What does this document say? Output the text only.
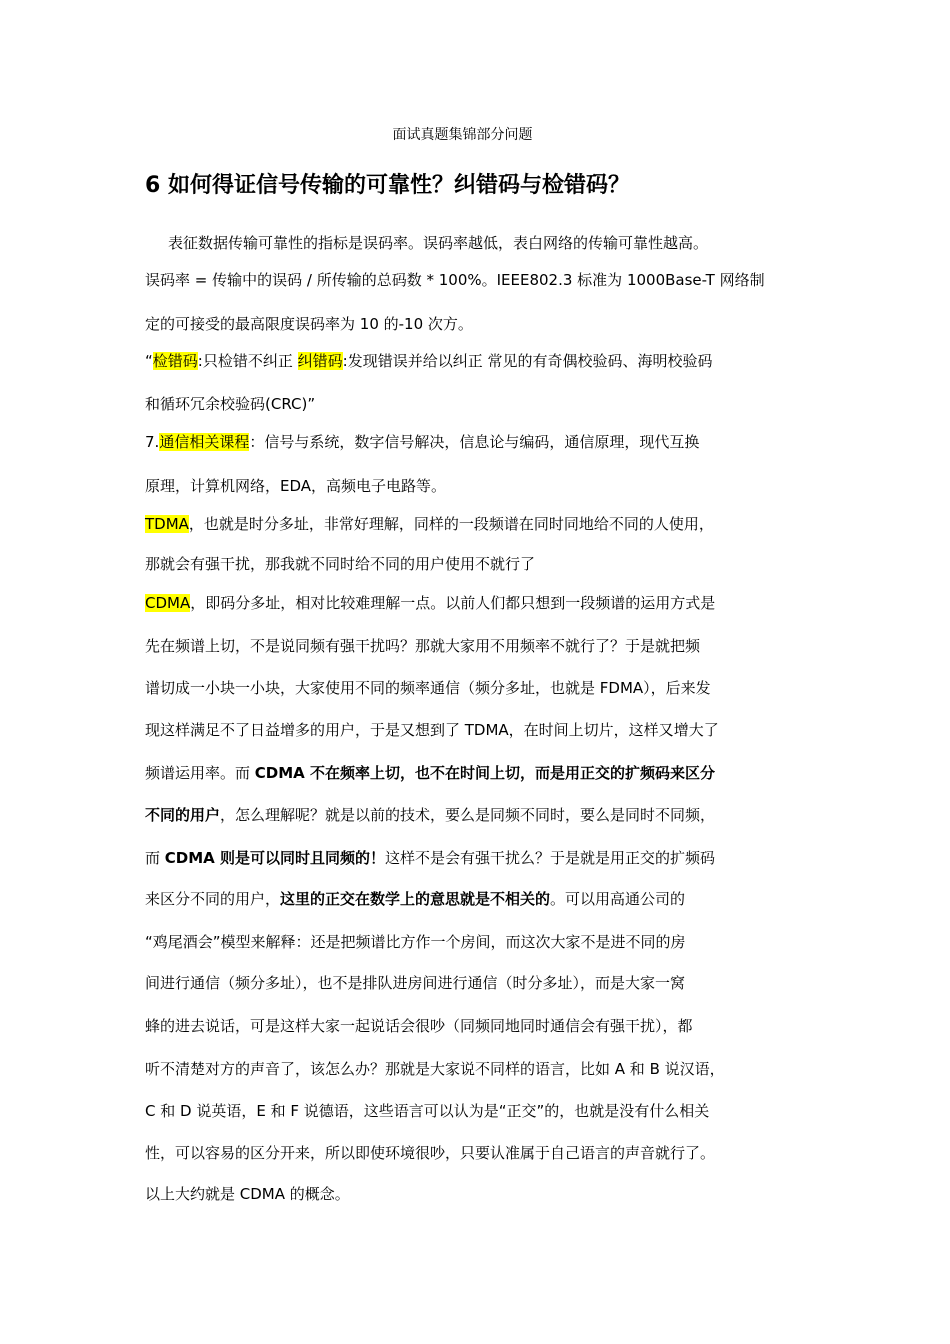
面试真题集锦部分问题
6 如何得证信号传输的可靠性？纠错码与检错码？
表征数据传输可靠性的指标是误码率。误码率越低，表白网络的传输可靠性越高。
误码率 = 传输中的误码 / 所传输的总码数 * 100%。IEEE802.3 标准为 1000Base-T 网络制
定的可接受的最高限度误码率为 10 的-10 次方。
“检错码:只检错不纠正 纠错码:发现错误并给以纠正 常见的有奇偶校验码、海明校验码
和循环冗余校验码(CRC)”
7.通信相关课程：信号与系统，数字信号解决，信息论与编码，通信原理，现代互换
原理，计算机网络，EDA，高频电子电路等。
TDMA，也就是时分多址，非常好理解，同样的一段频谱在同时同地给不同的人使用，
那就会有强干扰，那我就不同时给不同的用户使用不就行了
CDMA，即码分多址，相对比较难理解一点。以前人们都只想到一段频谱的运用方式是
先在频谱上切，不是说同频有强干扰吗？那就大家用不用频率不就行了？于是就把频
谱切成一小块一小块，大家使用不同的频率通信（频分多址，也就是 FDMA），后来发
现这样满足不了日益增多的用户，于是又想到了 TDMA，在时间上切片，这样又增大了
频谱运用率。而 CDMA 不在频率上切，也不在时间上切，而是用正交的扩频码来区分
不同的用户，怎么理解呢？就是以前的技术，要么是同频不同时，要么是同时不同频，
而 CDMA 则是可以同时且同频的！这样不是会有强干扰么？于是就是用正交的扩频码
来区分不同的用户，这里的正交在数学上的意思就是不相关的。可以用高通公司的
“鸡尾酒会”模型来解释：还是把频谱比方作一个房间，而这次大家不是进不同的房
间进行通信（频分多址），也不是排队进房间进行通信（时分多址），而是大家一窝
蜂的进去说话，可是这样大家一起说话会很吵（同频同地同时通信会有强干扰），都
听不清楚对方的声音了，该怎么办？那就是大家说不同样的语言，比如 A 和 B 说汉语，
C 和 D 说英语，E 和 F 说德语，这些语言可以认为是“正交”的，也就是没有什么相关
性，可以容易的区分开来，所以即使环境很吵，只要认准属于自己语言的声音就行了。
以上大约就是 CDMA 的概念。
